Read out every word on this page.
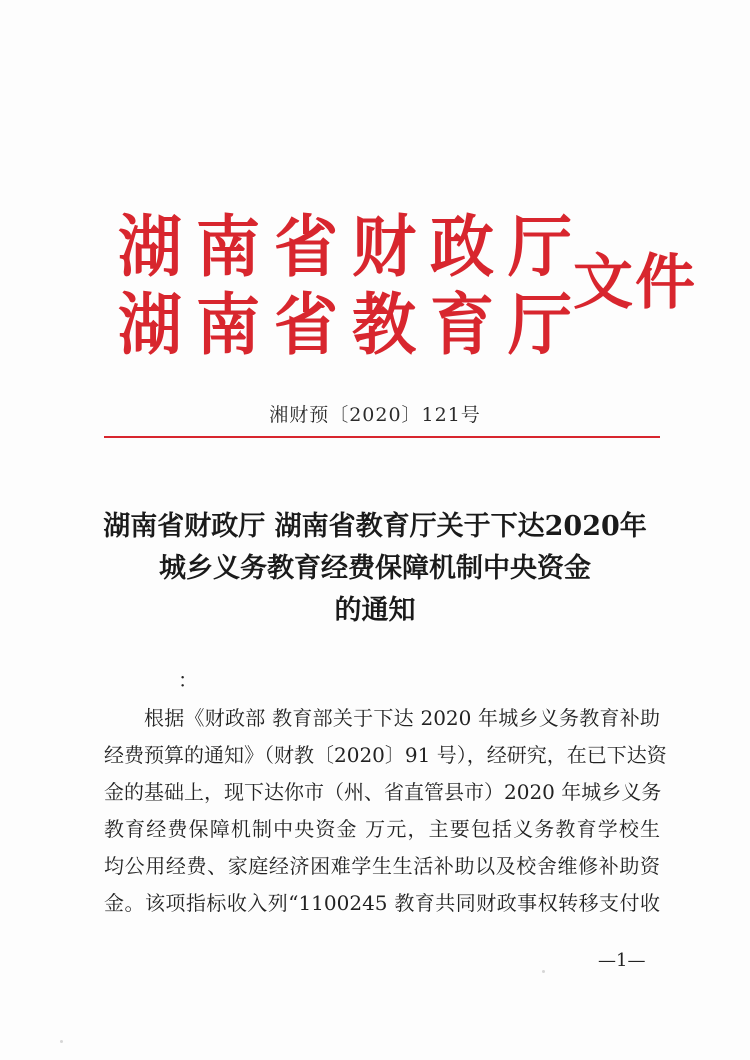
湖南省财政厅
湖南省教育厅
文件
湘财预〔2020〕121号
湖南省财政厅 湖南省教育厅关于下达2020年
城乡义务教育经费保障机制中央资金
的通知
：
根据《财政部 教育部关于下达 2020 年城乡义务教育补助
经费预算的通知》（财教〔2020〕91 号），经研究，在已下达资
金的基础上，现下达你市（州、省直管县市）2020 年城乡义务
教育经费保障机制中央资金 万元，主要包括义务教育学校生
均公用经费、家庭经济困难学生生活补助以及校舍维修补助资
金。该项指标收入列“1100245 教育共同财政事权转移支付收
—1—
